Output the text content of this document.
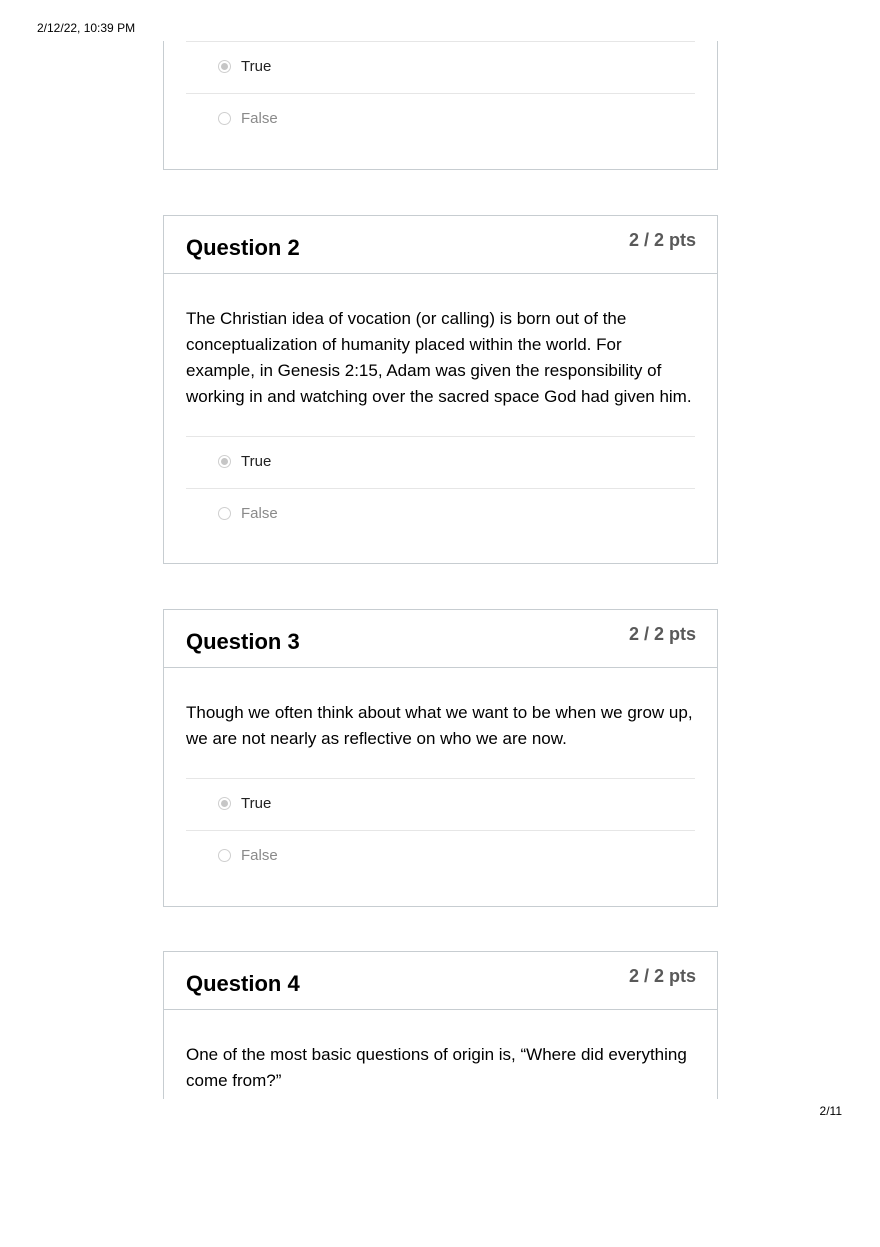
2/12/22, 10:39 PM
True
False
Question 2	2 / 2 pts
The Christian idea of vocation (or calling) is born out of the conceptualization of humanity placed within the world. For example, in Genesis 2:15, Adam was given the responsibility of working in and watching over the sacred space God had given him.
True
False
Question 3	2 / 2 pts
Though we often think about what we want to be when we grow up, we are not nearly as reflective on who we are now.
True
False
Question 4	2 / 2 pts
One of the most basic questions of origin is, “Where did everything come from?”
2/11
